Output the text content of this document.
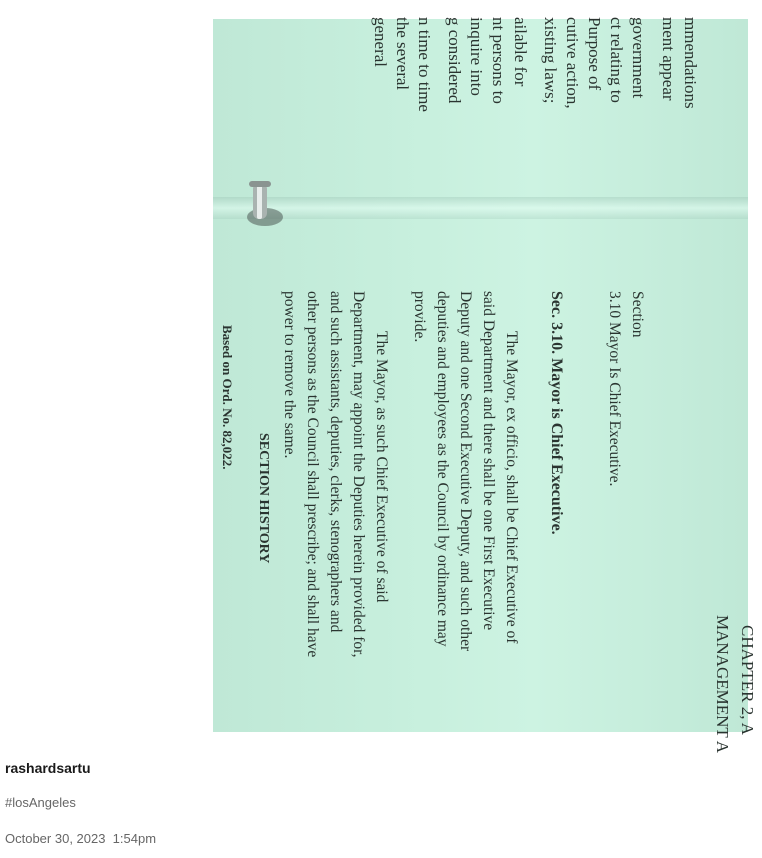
mmendations
ment appear
government
ct relating to
Purpose of
cutive action,
xisting laws;
ailable for
nt persons to
inquire into
g considered
n time to time
the several
general
MANAGEMENT A CHAPTER 2, A
Section
3.10 Mayor Is Chief Executive.
Sec. 3.10. Mayor is Chief Executive.
The Mayor, ex officio, shall be Chief Executive of
said Department and there shall be one First Executive
Deputy and one Second Executive Deputy, and such other
deputies and employees as the Council by ordinance may
provide.
The Mayor, as such Chief Executive of said
Department, may appoint the Deputies herein provided for,
and such assistants, deputies, clerks, stenographers and
other persons as the Council shall prescribe; and shall have
power to remove the same.
SECTION HISTORY
Based on Ord. No. 82,022.
rashardsartu
#losAngeles
October 30, 2023  1:54pm
